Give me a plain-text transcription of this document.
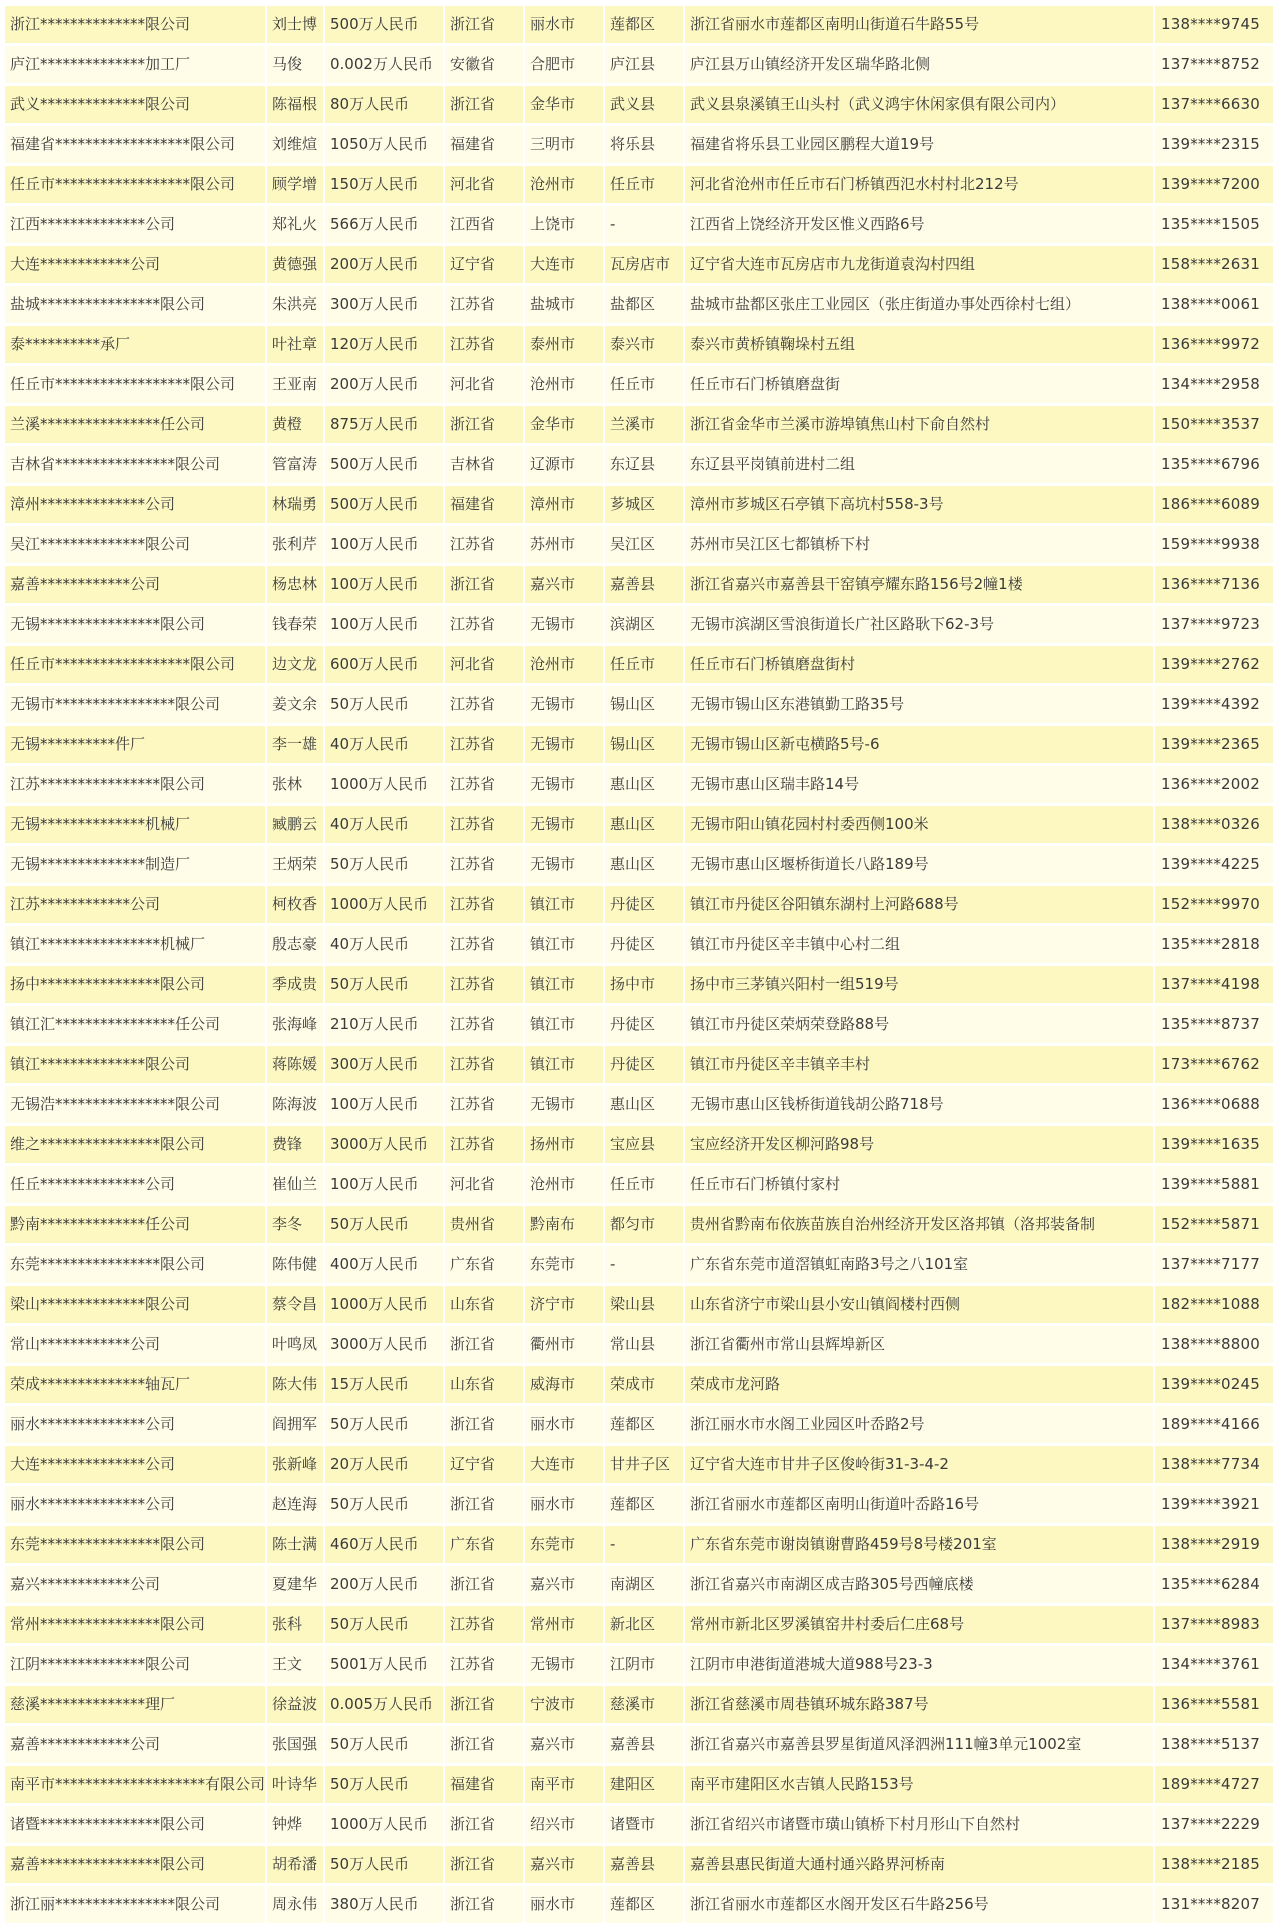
浙江**************限公司	刘士博	500万人民币	浙江省	丽水市	莲都区	浙江省丽水市莲都区南明山街道石牛路55号	138****9745
庐江**************加工厂	马俊	0.002万人民币	安徽省	合肥市	庐江县	庐江县万山镇经济开发区瑞华路北侧	137****8752
武义**************限公司	陈福根	80万人民币	浙江省	金华市	武义县	武义县泉溪镇王山头村（武义鸿宇休闲家俱有限公司内）	137****6630
福建省******************限公司	刘维煊	1050万人民币	福建省	三明市	将乐县	福建省将乐县工业园区鹏程大道19号	139****2315
任丘市******************限公司	顾学增	150万人民币	河北省	沧州市	任丘市	河北省沧州市任丘市石门桥镇西氾水村村北212号	139****7200
江西**************公司	郑礼火	566万人民币	江西省	上饶市	-	江西省上饶经济开发区惟义西路6号	135****1505
大连************公司	黄德强	200万人民币	辽宁省	大连市	瓦房店市	辽宁省大连市瓦房店市九龙街道袁沟村四组	158****2631
盐城****************限公司	朱洪亮	300万人民币	江苏省	盐城市	盐都区	盐城市盐都区张庄工业园区（张庄街道办事处西徐村七组）	138****0061
泰**********承厂	叶社章	120万人民币	江苏省	泰州市	泰兴市	泰兴市黄桥镇鞠垛村五组	136****9972
任丘市******************限公司	王亚南	200万人民币	河北省	沧州市	任丘市	任丘市石门桥镇磨盘街	134****2958
兰溪****************任公司	黄橙	875万人民币	浙江省	金华市	兰溪市	浙江省金华市兰溪市游埠镇焦山村下俞自然村	150****3537
吉林省****************限公司	管富涛	500万人民币	吉林省	辽源市	东辽县	东辽县平岗镇前进村二组	135****6796
漳州**************公司	林瑞勇	500万人民币	福建省	漳州市	芗城区	漳州市芗城区石亭镇下高坑村558-3号	186****6089
吴江**************限公司	张利芹	100万人民币	江苏省	苏州市	吴江区	苏州市吴江区七都镇桥下村	159****9938
嘉善************公司	杨忠林	100万人民币	浙江省	嘉兴市	嘉善县	浙江省嘉兴市嘉善县干窑镇亭耀东路156号2幢1楼	136****7136
无锡****************限公司	钱春荣	100万人民币	江苏省	无锡市	滨湖区	无锡市滨湖区雪浪街道长广社区路耿下62-3号	137****9723
任丘市******************限公司	边文龙	600万人民币	河北省	沧州市	任丘市	任丘市石门桥镇磨盘街村	139****2762
无锡市****************限公司	姜文余	50万人民币	江苏省	无锡市	锡山区	无锡市锡山区东港镇勤工路35号	139****4392
无锡**********件厂	李一雄	40万人民币	江苏省	无锡市	锡山区	无锡市锡山区新屯横路5号-6	139****2365
江苏****************限公司	张林	1000万人民币	江苏省	无锡市	惠山区	无锡市惠山区瑞丰路14号	136****2002
无锡**************机械厂	臧鹏云	40万人民币	江苏省	无锡市	惠山区	无锡市阳山镇花园村村委西侧100米	138****0326
无锡**************制造厂	王炳荣	50万人民币	江苏省	无锡市	惠山区	无锡市惠山区堰桥街道长八路189号	139****4225
江苏************公司	柯枚香	1000万人民币	江苏省	镇江市	丹徒区	镇江市丹徒区谷阳镇东湖村上河路688号	152****9970
镇江****************机械厂	殷志豪	40万人民币	江苏省	镇江市	丹徒区	镇江市丹徒区辛丰镇中心村二组	135****2818
扬中****************限公司	季成贵	50万人民币	江苏省	镇江市	扬中市	扬中市三茅镇兴阳村一组519号	137****4198
镇江汇****************任公司	张海峰	210万人民币	江苏省	镇江市	丹徒区	镇江市丹徒区荣炳荣登路88号	135****8737
镇江**************限公司	蒋陈媛	300万人民币	江苏省	镇江市	丹徒区	镇江市丹徒区辛丰镇辛丰村	173****6762
无锡浩****************限公司	陈海波	100万人民币	江苏省	无锡市	惠山区	无锡市惠山区钱桥街道钱胡公路718号	136****0688
维之****************限公司	费锋	3000万人民币	江苏省	扬州市	宝应县	宝应经济开发区柳河路98号	139****1635
任丘**************公司	崔仙兰	100万人民币	河北省	沧州市	任丘市	任丘市石门桥镇付家村	139****5881
黔南**************任公司	李冬	50万人民币	贵州省	黔南布	都匀市	贵州省黔南布依族苗族自治州经济开发区洛邦镇（洛邦装备制	152****5871
东莞****************限公司	陈伟健	400万人民币	广东省	东莞市	-	广东省东莞市道滘镇虹南路3号之八101室	137****7177
梁山**************限公司	蔡令昌	1000万人民币	山东省	济宁市	梁山县	山东省济宁市梁山县小安山镇阎楼村西侧	182****1088
常山************公司	叶鸣凤	3000万人民币	浙江省	衢州市	常山县	浙江省衢州市常山县辉埠新区	138****8800
荣成**************轴瓦厂	陈大伟	15万人民币	山东省	威海市	荣成市	荣成市龙河路	139****0245
丽水**************公司	阎拥军	50万人民币	浙江省	丽水市	莲都区	浙江丽水市水阁工业园区叶岙路2号	189****4166
大连**************公司	张新峰	20万人民币	辽宁省	大连市	甘井子区	辽宁省大连市甘井子区俊岭街31-3-4-2	138****7734
丽水**************公司	赵连海	50万人民币	浙江省	丽水市	莲都区	浙江省丽水市莲都区南明山街道叶岙路16号	139****3921
东莞****************限公司	陈士满	460万人民币	广东省	东莞市	-	广东省东莞市谢岗镇谢曹路459号8号楼201室	138****2919
嘉兴************公司	夏建华	200万人民币	浙江省	嘉兴市	南湖区	浙江省嘉兴市南湖区成吉路305号西幢底楼	135****6284
常州****************限公司	张科	50万人民币	江苏省	常州市	新北区	常州市新北区罗溪镇窑井村委后仁庄68号	137****8983
江阴**************限公司	王文	5001万人民币	江苏省	无锡市	江阴市	江阴市申港街道港城大道988号23-3	134****3761
慈溪**************理厂	徐益波	0.005万人民币	浙江省	宁波市	慈溪市	浙江省慈溪市周巷镇环城东路387号	136****5581
嘉善************公司	张国强	50万人民币	浙江省	嘉兴市	嘉善县	浙江省嘉兴市嘉善县罗星街道风泽泗洲111幢3单元1002室	138****5137
南平市********************有限公司	叶诗华	50万人民币	福建省	南平市	建阳区	南平市建阳区水吉镇人民路153号	189****4727
诸暨****************限公司	钟烨	1000万人民币	浙江省	绍兴市	诸暨市	浙江省绍兴市诸暨市璜山镇桥下村月形山下自然村	137****2229
嘉善****************限公司	胡希潘	50万人民币	浙江省	嘉兴市	嘉善县	嘉善县惠民街道大通村通兴路界河桥南	138****2185
浙江丽****************限公司	周永伟	380万人民币	浙江省	丽水市	莲都区	浙江省丽水市莲都区水阁开发区石牛路256号	131****8207
